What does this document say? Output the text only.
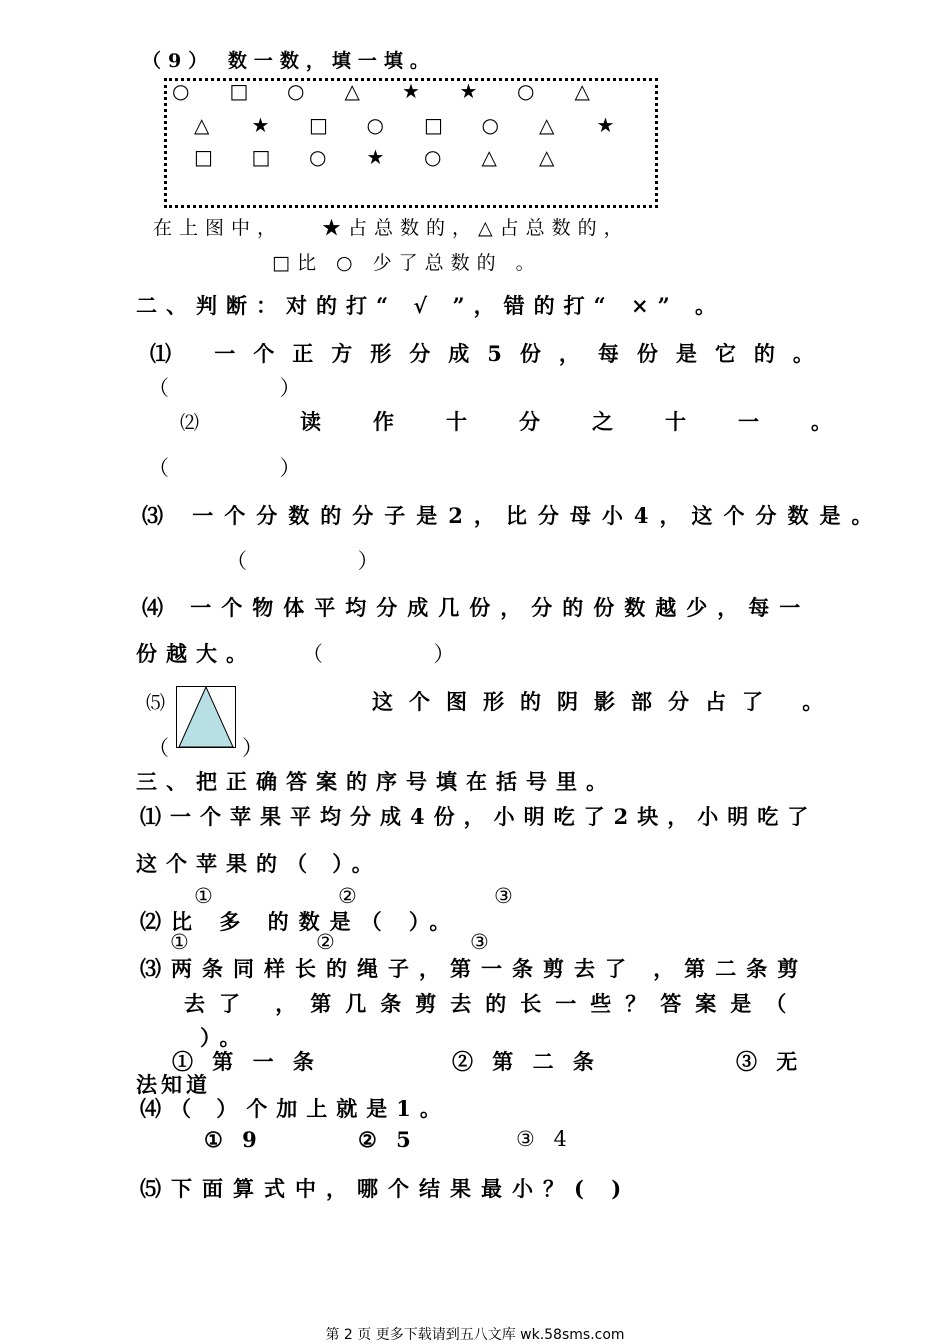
（9） 数一数，填一填。
○ □ ○ △ ★ ★ ○ △
△ ★ □ ○ □ ○ △ ★
□ □ ○ ★ ○ △ △
在上图中， ★占总数的，△占总数的，
□比 ○ 少了总数的 。
二、判断：对的打“ √ ”，错的打“ ×” 。
⑴ 一个正方形分成5份，每份是它的。
（ ）
⑵	读作十分之十一。
（ ）
⑶ 一个分数的分子是2，比分母小4，这个分数是。
（ ）
⑷ 一个物体平均分成几份，分的份数越少，每一
份越大。 （ ）
⑸	这个图形的阴影部分占了 。
（	）
三、把正确答案的序号填在括号里。
⑴一个苹果平均分成4份，小明吃了2块，小明吃了
这个苹果的（ ）。
①	②	③
⑵比 多 的数是（ ）。
①	②	③
⑶两条同样长的绳子，第一条剪去了 ，第二条剪
去了 ，第几条剪去的长一些？答案是（
）。
① 第 一 条	② 第 二 条	③ 无
法知道
⑷（ ）个加上就是1。
① 9	② 5	③ 4
⑸下面算式中，哪个结果最小？( )
第 2 页 更多下载请到五八文库 wk.58sms.com
